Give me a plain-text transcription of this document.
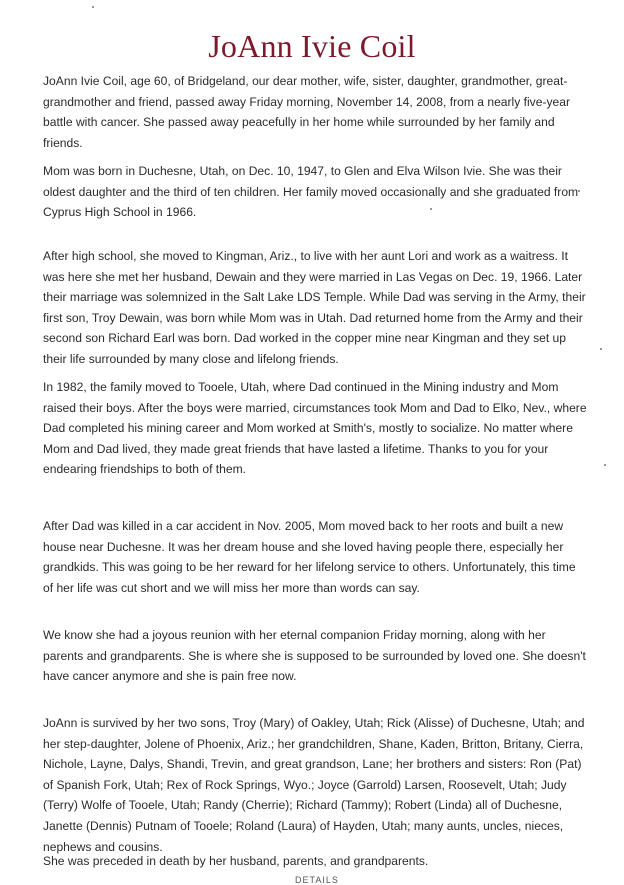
JoAnn Ivie Coil

JoAnn Ivie Coil, age 60, of Bridgeland, our dear mother, wife, sister, daughter, grandmother, great-grandmother and friend, passed away Friday morning, November 14, 2008, from a nearly five-year battle with cancer. She passed away peacefully in her home while surrounded by her family and friends.

Mom was born in Duchesne, Utah, on Dec. 10, 1947, to Glen and Elva Wilson Ivie. She was their oldest daughter and the third of ten children. Her family moved occasionally and she graduated from Cyprus High School in 1966.

After high school, she moved to Kingman, Ariz., to live with her aunt Lori and work as a waitress. It was here she met her husband, Dewain and they were married in Las Vegas on Dec. 19, 1966. Later their marriage was solemnized in the Salt Lake LDS Temple. While Dad was serving in the Army, their first son, Troy Dewain, was born while Mom was in Utah. Dad returned home from the Army and their second son Richard Earl was born. Dad worked in the copper mine near Kingman and they set up their life surrounded by many close and lifelong friends.

In 1982, the family moved to Tooele, Utah, where Dad continued in the Mining industry and Mom raised their boys. After the boys were married, circumstances took Mom and Dad to Elko, Nev., where Dad completed his mining career and Mom worked at Smith's, mostly to socialize. No matter where Mom and Dad lived, they made great friends that have lasted a lifetime. Thanks to you for your endearing friendships to both of them.

After Dad was killed in a car accident in Nov. 2005, Mom moved back to her roots and built a new house near Duchesne. It was her dream house and she loved having people there, especially her grandkids. This was going to be her reward for her lifelong service to others. Unfortunately, this time of her life was cut short and we will miss her more than words can say.

We know she had a joyous reunion with her eternal companion Friday morning, along with her parents and grandparents. She is where she is supposed to be surrounded by loved one. She doesn't have cancer anymore and she is pain free now.

JoAnn is survived by her two sons, Troy (Mary) of Oakley, Utah; Rick (Alisse) of Duchesne, Utah; and her step-daughter, Jolene of Phoenix, Ariz.; her grandchildren, Shane, Kaden, Britton, Britany, Cierra, Nichole, Layne, Dalys, Shandi, Trevin, and great grandson, Lane; her brothers and sisters: Ron (Pat) of Spanish Fork, Utah; Rex of Rock Springs, Wyo.; Joyce (Garrold) Larsen, Roosevelt, Utah; Judy (Terry) Wolfe of Tooele, Utah; Randy (Cherrie); Richard (Tammy); Robert (Linda) all of Duchesne, Janette (Dennis) Putnam of Tooele; Roland (Laura) of Hayden, Utah; many aunts, uncles, nieces, nephews and cousins.

She was preceded in death by her husband, parents, and grandparents.

DETAILS
